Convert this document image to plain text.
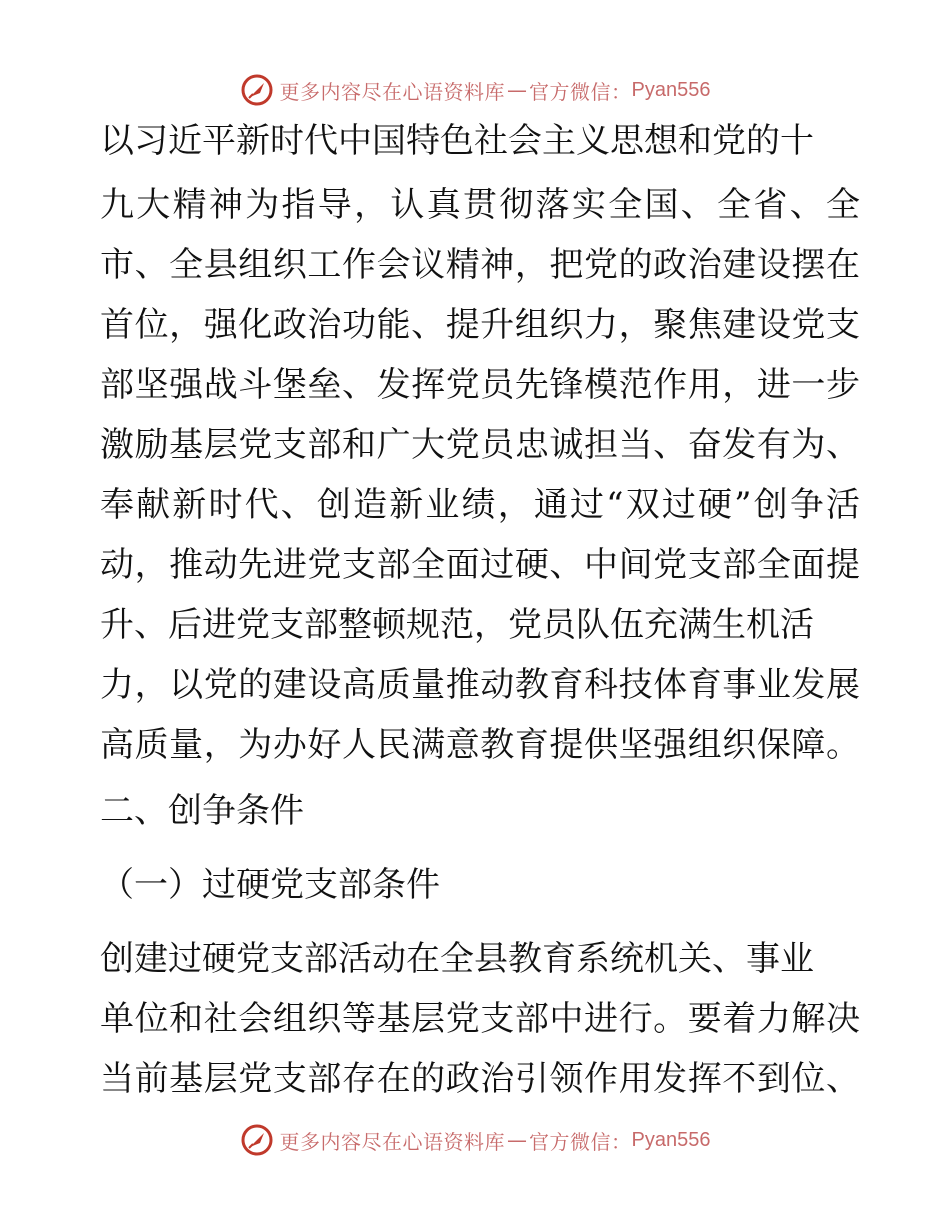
更多内容尽在心语资料库 — 官方微信： Pyan556
以习近平新时代中国特色社会主义思想和党的十
九大精神为指导，认真贯彻落实全国、全省、全
市、全县组织工作会议精神，把党的政治建设摆在
首位，强化政治功能、提升组织力，聚焦建设党支
部坚强战斗堡垒、发挥党员先锋模范作用，进一步
激励基层党支部和广大党员忠诚担当、奋发有为、
奉献新时代、创造新业绩，通过“双过硬”创争活
动，推动先进党支部全面过硬、中间党支部全面提
升、后进党支部整顿规范，党员队伍充满生机活
力，以党的建设高质量推动教育科技体育事业发展
高质量，为办好人民满意教育提供坚强组织保障。
二、创争条件
（一）过硬党支部条件
创建过硬党支部活动在全县教育系统机关、事业
单位和社会组织等基层党支部中进行。要着力解决
当前基层党支部存在的政治引领作用发挥不到位、
更多内容尽在心语资料库 — 官方微信： Pyan556
